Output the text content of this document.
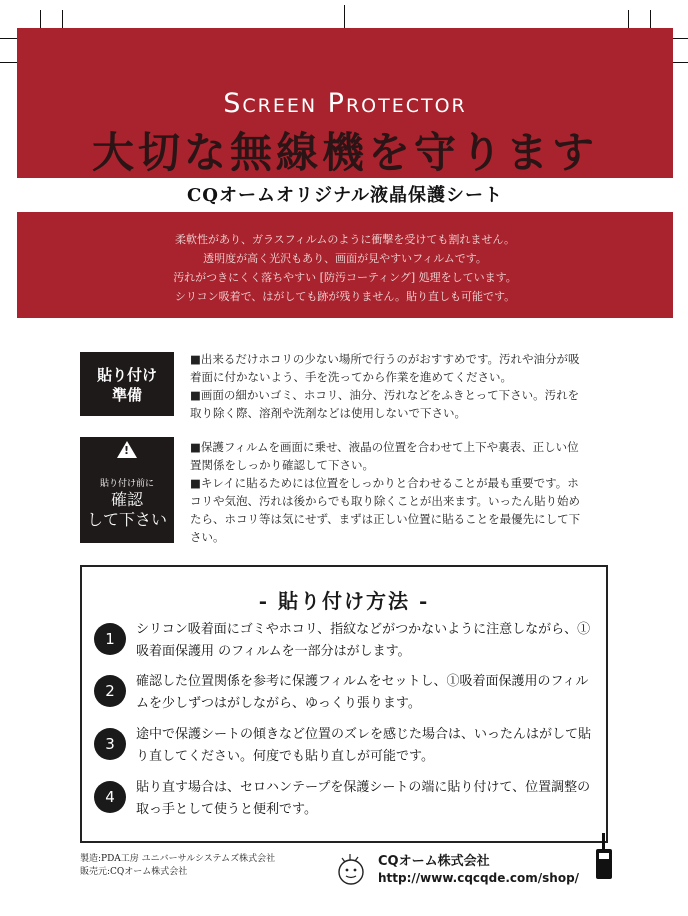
Screen Protector
大切な無線機を守ります
CQオームオリジナル液晶保護シート

柔軟性があり、ガラスフィルムのように衝撃を受けても割れません。

透明度が高く光沢もあり、画面が見やすいフィルムです。

汚れがつきにくく落ちやすい [防汚コーティング] 処理をしています。

シリコン吸着で、はがしても跡が残りません。貼り直しも可能です。

貼り付け
準備
■出来るだけホコリの少ない場所で行うのがおすすめです。汚れや油分が吸着面に付かないよう、手を洗ってから作業を進めてください。
■画面の細かいゴミ、ホコリ、油分、汚れなどをふきとって下さい。汚れを取り除く際、溶剤や洗剤などは使用しないで下さい。
!
貼り付け前に
確認
して下さい
■保護フィルムを画面に乗せ、液晶の位置を合わせて上下や裏表、正しい位置関係をしっかり確認して下さい。
■キレイに貼るためには位置をしっかりと合わせることが最も重要です。ホコリや気泡、汚れは後からでも取り除くことが出来ます。いったん貼り始めたら、ホコリ等は気にせず、まずは正しい位置に貼ることを最優先にして下さい。
- 貼り付け方法 -
1
シリコン吸着面にゴミやホコリ、指紋などがつかないように注意しながら、①吸着面保護用 のフィルムを一部分はがします。
2
確認した位置関係を参考に保護フィルムをセットし、①吸着面保護用のフィルムを少しずつはがしながら、ゆっくり張ります。
3
途中で保護シートの傾きなど位置のズレを感じた場合は、いったんはがして貼り直してください。何度でも貼り直しが可能です。
4
貼り直す場合は、セロハンテープを保護シートの端に貼り付けて、位置調整の取っ手として使うと便利です。
製造:PDA工房 ユニバーサルシステムズ株式会社
販売元:CQオーム株式会社
CQオーム株式会社
http://www.cqcqde.com/shop/
